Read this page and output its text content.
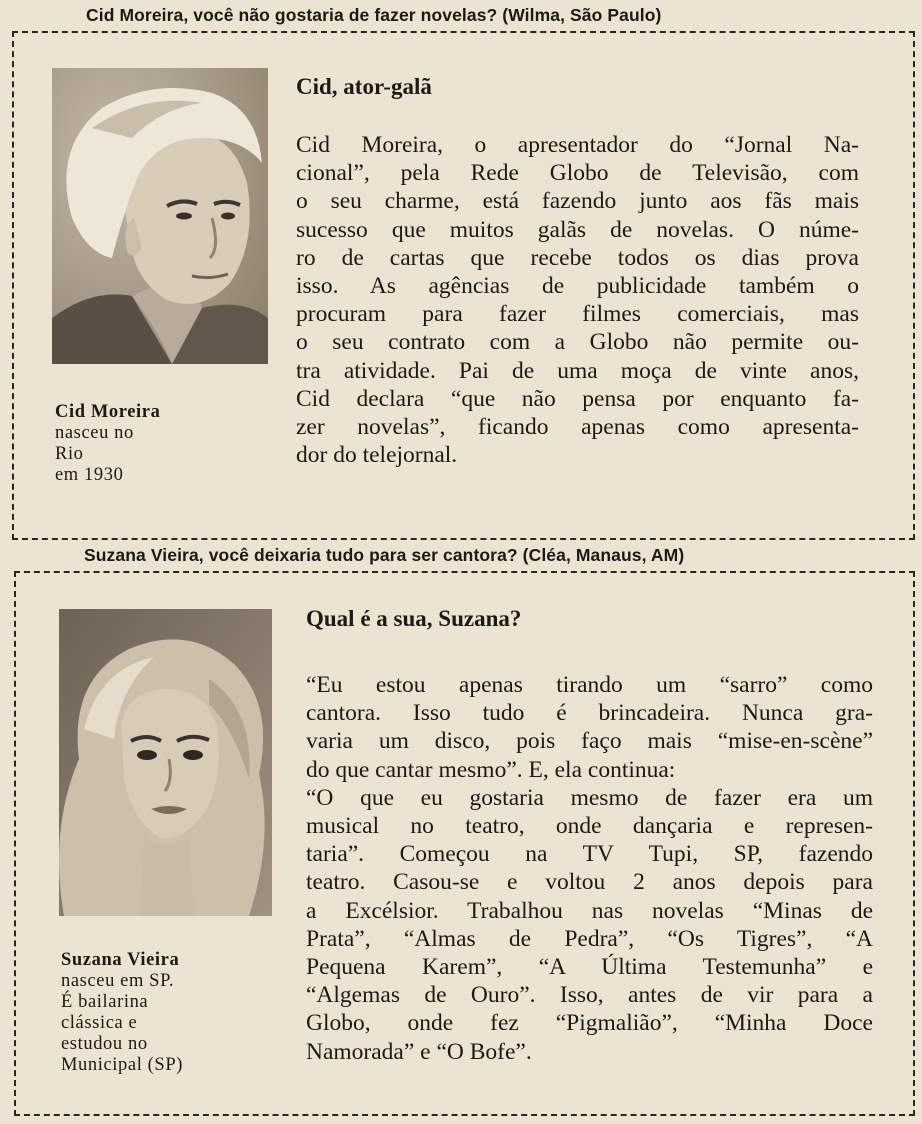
Cid Moreira, você não gostaria de fazer novelas? (Wilma, São Paulo)
Cid Moreira
nasceu no
Rio
em 1930
Cid, ator-galã
Cid Moreira, o apresentador do “Jornal Na-
cional”, pela Rede Globo de Televisão, com
o seu charme, está fazendo junto aos fãs mais
sucesso que muitos galãs de novelas. O núme-
ro de cartas que recebe todos os dias prova
isso. As agências de publicidade também o
procuram para fazer filmes comerciais, mas
o seu contrato com a Globo não permite ou-
tra atividade. Pai de uma moça de vinte anos,
Cid declara “que não pensa por enquanto fa-
zer novelas”, ficando apenas como apresenta-
dor do telejornal.
Suzana Vieira, você deixaria tudo para ser cantora? (Cléa, Manaus, AM)
Suzana Vieira
nasceu em SP.
É bailarina
clássica e
estudou no
Municipal (SP)
Qual é a sua, Suzana?
“Eu estou apenas tirando um “sarro” como
cantora. Isso tudo é brincadeira. Nunca gra-
varia um disco, pois faço mais “mise-en-scène”
do que cantar mesmo”. E, ela continua:
“O que eu gostaria mesmo de fazer era um
musical no teatro, onde dançaria e represen-
taria”. Começou na TV Tupi, SP, fazendo
teatro. Casou-se e voltou 2 anos depois para
a Excélsior. Trabalhou nas novelas “Minas de
Prata”, “Almas de Pedra”, “Os Tigres”, “A
Pequena Karem”, “A Última Testemunha” e
“Algemas de Ouro”. Isso, antes de vir para a
Globo, onde fez “Pigmalião”, “Minha Doce
Namorada” e “O Bofe”.
